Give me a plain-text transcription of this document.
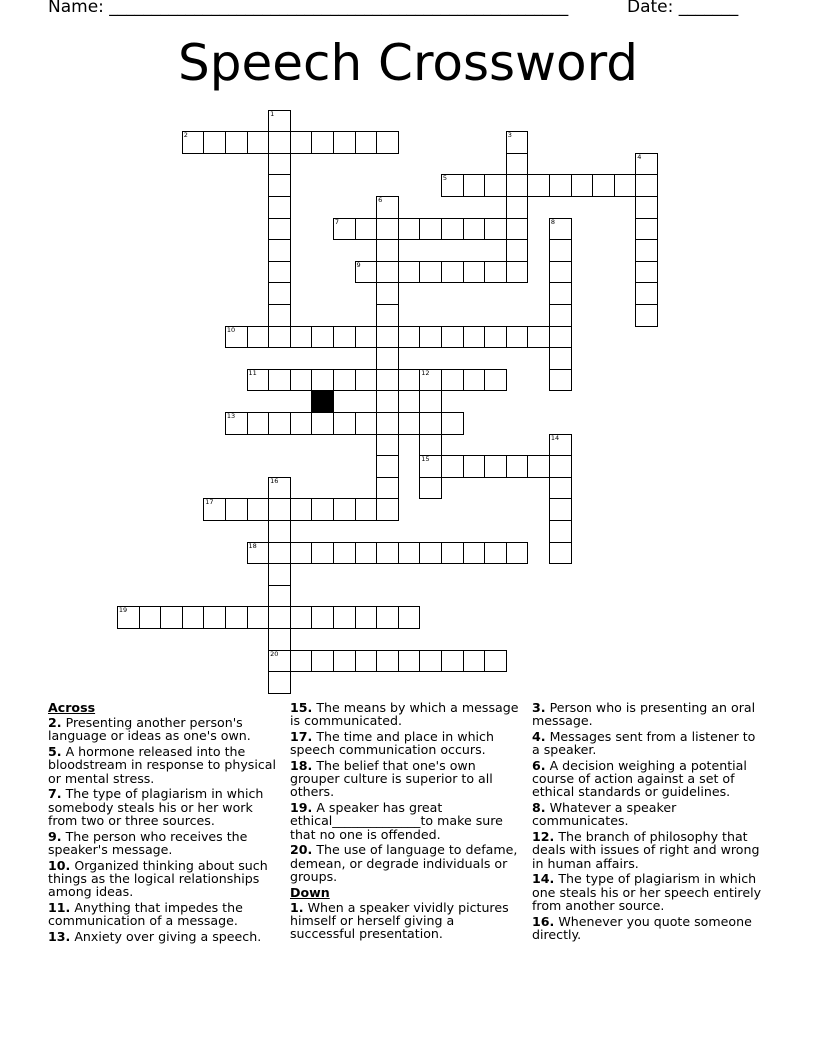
Name: ______________________________________________________	Date: _______
Speech Crossword
1
2	3
4
5
6
7	8
9
10
11	12
15
13
14
16
20
17
18
19
Across
2. Presenting another person's language or ideas as one's own.
5. A hormone released into the bloodstream in response to physical or mental stress.
7. The type of plagiarism in which somebody steals his or her work from two or three sources.
9. The person who receives the speaker's message.
10. Organized thinking about such things as the logical relationships among ideas.
11. Anything that impedes the communication of a message.
13. Anxiety over giving a speech.
15. The means by which a message is communicated.
17. The time and place in which speech communication occurs.
18. The belief that one's own grouper culture is superior to all others.
19. A speaker has great ethical______________to make sure that no one is offended.
20. The use of language to defame, demean, or degrade individuals or groups.
Down
1. When a speaker vividly pictures himself or herself giving a successful presentation.
3. Person who is presenting an oral message.
4. Messages sent from a listener to a speaker.
6. A decision weighing a potential course of action against a set of ethical standards or guidelines.
8. Whatever a speaker communicates.
12. The branch of philosophy that deals with issues of right and wrong in human affairs.
14. The type of plagiarism in which one steals his or her speech entirely from another source.
16. Whenever you quote someone directly.
